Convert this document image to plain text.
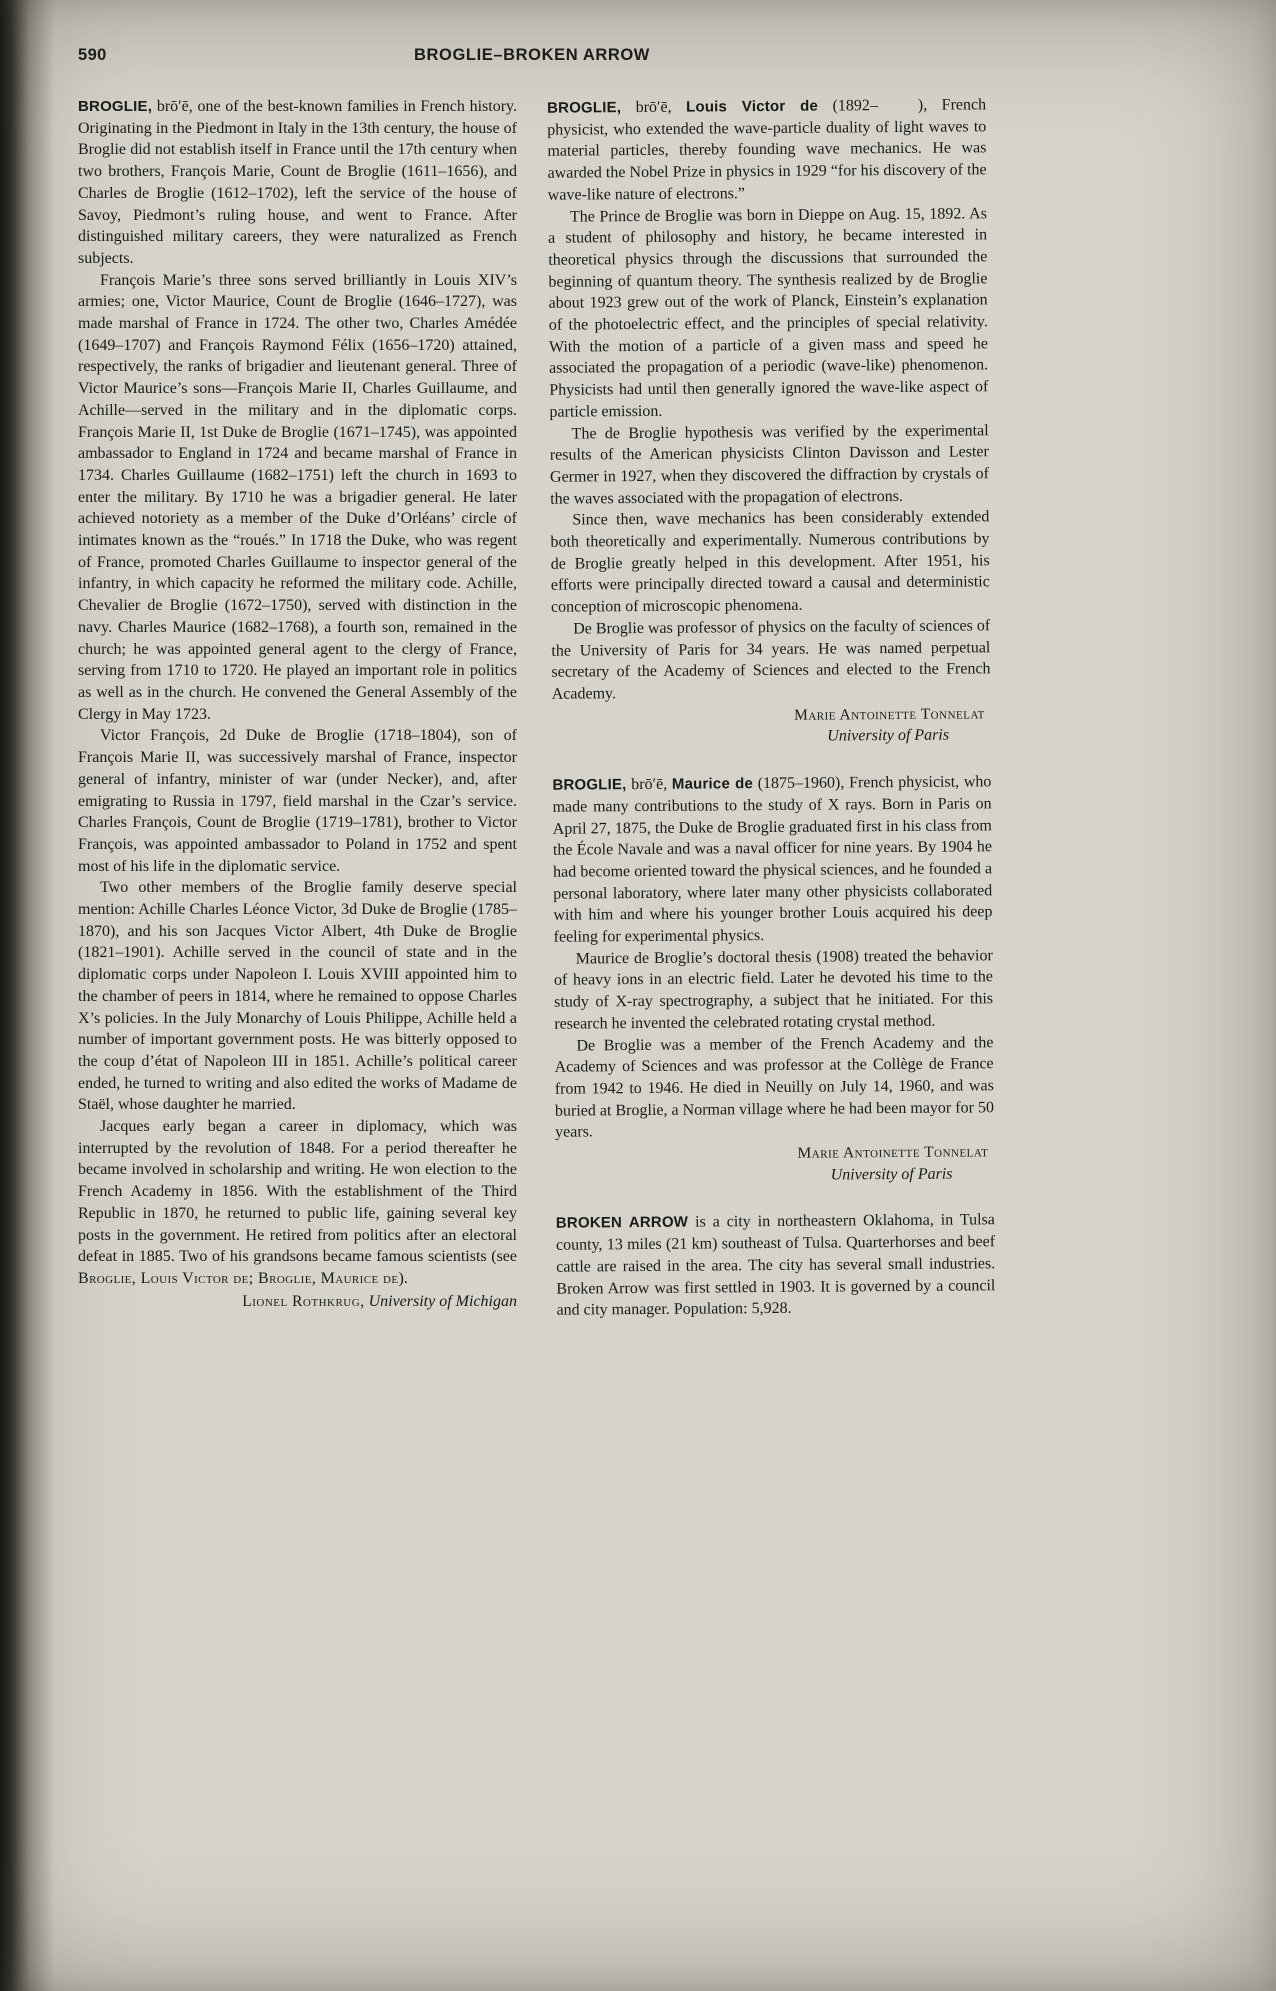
590	BROGLIE–BROKEN ARROW

BROGLIE, brō′ē, one of the best-known families in French history. Originating in the Piedmont in Italy in the 13th century, the house of Broglie did not establish itself in France until the 17th century when two brothers, François Marie, Count de Broglie (1611–1656), and Charles de Broglie (1612–1702), left the service of the house of Savoy, Piedmont’s ruling house, and went to France. After distinguished military careers, they were naturalized as French subjects.

François Marie’s three sons served brilliantly in Louis XIV’s armies; one, Victor Maurice, Count de Broglie (1646–1727), was made marshal of France in 1724. The other two, Charles Amédée (1649–1707) and François Raymond Félix (1656–1720) attained, respectively, the ranks of brigadier and lieutenant general. Three of Victor Maurice’s sons—François Marie II, Charles Guillaume, and Achille—served in the military and in the diplomatic corps. François Marie II, 1st Duke de Broglie (1671–1745), was appointed ambassador to England in 1724 and became marshal of France in 1734. Charles Guillaume (1682–1751) left the church in 1693 to enter the military. By 1710 he was a brigadier general. He later achieved notoriety as a member of the Duke d’Orléans’ circle of intimates known as the “roués.” In 1718 the Duke, who was regent of France, promoted Charles Guillaume to inspector general of the infantry, in which capacity he reformed the military code. Achille, Chevalier de Broglie (1672–1750), served with distinction in the navy. Charles Maurice (1682–1768), a fourth son, remained in the church; he was appointed general agent to the clergy of France, serving from 1710 to 1720. He played an important role in politics as well as in the church. He convened the General Assembly of the Clergy in May 1723.

Victor François, 2d Duke de Broglie (1718–1804), son of François Marie II, was successively marshal of France, inspector general of infantry, minister of war (under Necker), and, after emigrating to Russia in 1797, field marshal in the Czar’s service. Charles François, Count de Broglie (1719–1781), brother to Victor François, was appointed ambassador to Poland in 1752 and spent most of his life in the diplomatic service.

Two other members of the Broglie family deserve special mention: Achille Charles Léonce Victor, 3d Duke de Broglie (1785–1870), and his son Jacques Victor Albert, 4th Duke de Broglie (1821–1901). Achille served in the council of state and in the diplomatic corps under Napoleon I. Louis XVIII appointed him to the chamber of peers in 1814, where he remained to oppose Charles X’s policies. In the July Monarchy of Louis Philippe, Achille held a number of important government posts. He was bitterly opposed to the coup d’état of Napoleon III in 1851. Achille’s political career ended, he turned to writing and also edited the works of Madame de Staël, whose daughter he married.

Jacques early began a career in diplomacy, which was interrupted by the revolution of 1848. For a period thereafter he became involved in scholarship and writing. He won election to the French Academy in 1856. With the establishment of the Third Republic in 1870, he returned to public life, gaining several key posts in the government. He retired from politics after an electoral defeat in 1885. Two of his grandsons became famous scientists (see Broglie, Louis Victor de; Broglie, Maurice de).

Lionel Rothkrug, University of Michigan

BROGLIE, brō′ē, Louis Victor de (1892–   ), French physicist, who extended the wave-particle duality of light waves to material particles, thereby founding wave mechanics. He was awarded the Nobel Prize in physics in 1929 “for his discovery of the wave-like nature of electrons.”

The Prince de Broglie was born in Dieppe on Aug. 15, 1892. As a student of philosophy and history, he became interested in theoretical physics through the discussions that surrounded the beginning of quantum theory. The synthesis realized by de Broglie about 1923 grew out of the work of Planck, Einstein’s explanation of the photoelectric effect, and the principles of special relativity. With the motion of a particle of a given mass and speed he associated the propagation of a periodic (wave-like) phenomenon. Physicists had until then generally ignored the wave-like aspect of particle emission.

The de Broglie hypothesis was verified by the experimental results of the American physicists Clinton Davisson and Lester Germer in 1927, when they discovered the diffraction by crystals of the waves associated with the propagation of electrons.

Since then, wave mechanics has been considerably extended both theoretically and experimentally. Numerous contributions by de Broglie greatly helped in this development. After 1951, his efforts were principally directed toward a causal and deterministic conception of microscopic phenomena.

De Broglie was professor of physics on the faculty of sciences of the University of Paris for 34 years. He was named perpetual secretary of the Academy of Sciences and elected to the French Academy.

Marie Antoinette Tonnelat
University of Paris

BROGLIE, brō′ē, Maurice de (1875–1960), French physicist, who made many contributions to the study of X rays. Born in Paris on April 27, 1875, the Duke de Broglie graduated first in his class from the École Navale and was a naval officer for nine years. By 1904 he had become oriented toward the physical sciences, and he founded a personal laboratory, where later many other physicists collaborated with him and where his younger brother Louis acquired his deep feeling for experimental physics.

Maurice de Broglie’s doctoral thesis (1908) treated the behavior of heavy ions in an electric field. Later he devoted his time to the study of X-ray spectrography, a subject that he initiated. For this research he invented the celebrated rotating crystal method.

De Broglie was a member of the French Academy and the Academy of Sciences and was professor at the Collège de France from 1942 to 1946. He died in Neuilly on July 14, 1960, and was buried at Broglie, a Norman village where he had been mayor for 50 years.

Marie Antoinette Tonnelat
University of Paris

BROKEN ARROW is a city in northeastern Oklahoma, in Tulsa county, 13 miles (21 km) southeast of Tulsa. Quarterhorses and beef cattle are raised in the area. The city has several small industries. Broken Arrow was first settled in 1903. It is governed by a council and city manager. Population: 5,928.
